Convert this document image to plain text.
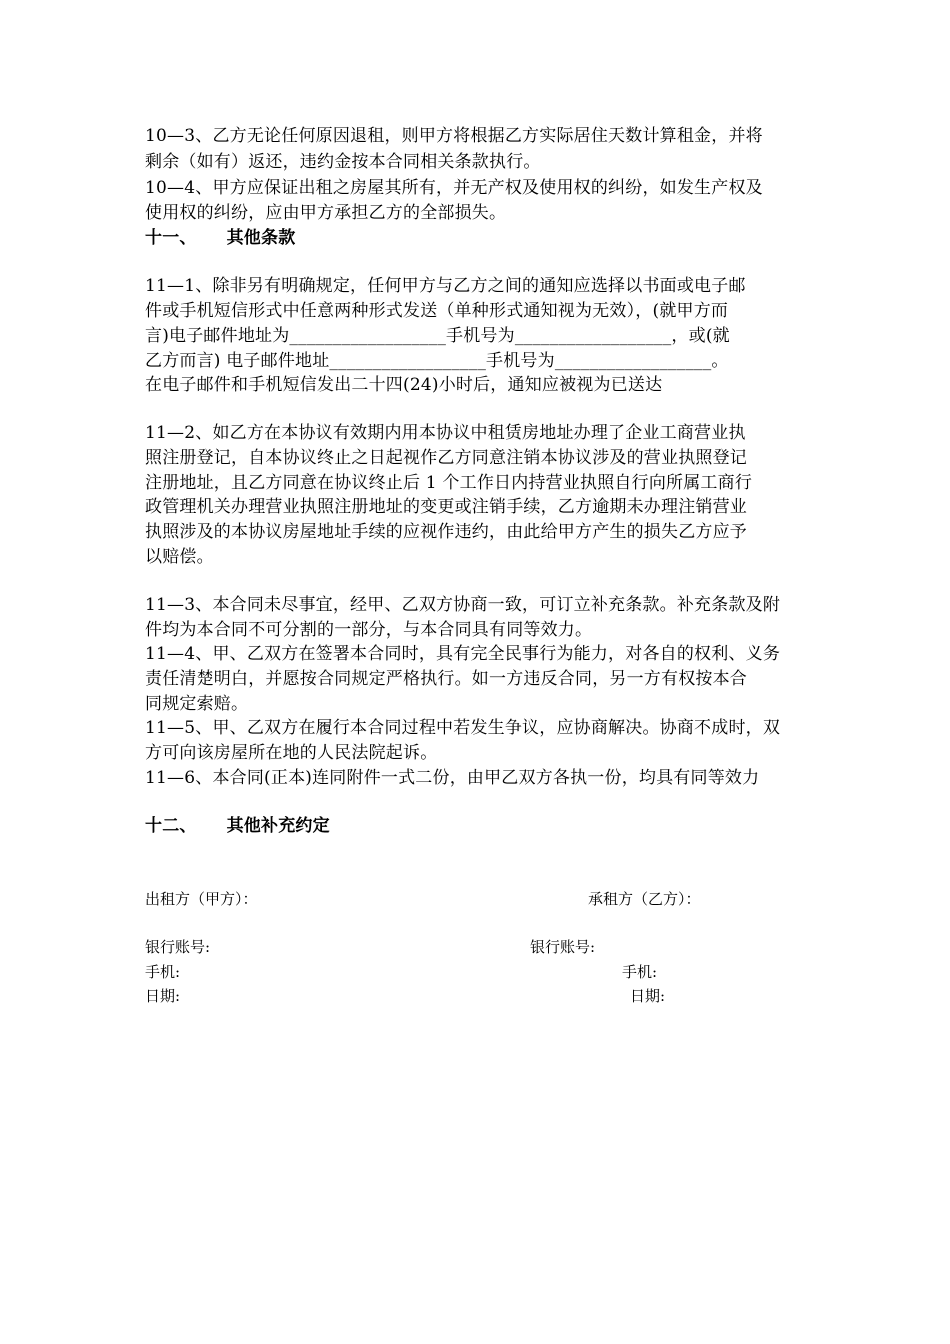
10—3、乙方无论任何原因退租，则甲方将根据乙方实际居住天数计算租金，并将
剩余（如有）返还，违约金按本合同相关条款执行。
10—4、甲方应保证出租之房屋其所有，并无产权及使用权的纠纷，如发生产权及
使用权的纠纷，应由甲方承担乙方的全部损失。
十一、 其他条款
11—1、除非另有明确规定，任何甲方与乙方之间的通知应选择以书面或电子邮
件或手机短信形式中任意两种形式发送（单种形式通知视为无效），(就甲方而
言)电子邮件地址为__________________手机号为__________________，或(就
乙方而言) 电子邮件地址__________________手机号为__________________。
在电子邮件和手机短信发出二十四(24)小时后，通知应被视为已送达
11—2、如乙方在本协议有效期内用本协议中租赁房地址办理了企业工商营业执
照注册登记，自本协议终止之日起视作乙方同意注销本协议涉及的营业执照登记
注册地址，且乙方同意在协议终止后 1 个工作日内持营业执照自行向所属工商行
政管理机关办理营业执照注册地址的变更或注销手续，乙方逾期未办理注销营业
执照涉及的本协议房屋地址手续的应视作违约，由此给甲方产生的损失乙方应予
以赔偿。
11—3、本合同未尽事宜，经甲、乙双方协商一致，可订立补充条款。补充条款及附
件均为本合同不可分割的一部分，与本合同具有同等效力。
11—4、甲、乙双方在签署本合同时，具有完全民事行为能力，对各自的权利、义务
责任清楚明白，并愿按合同规定严格执行。如一方违反合同，另一方有权按本合
同规定索赔。
11—5、甲、乙双方在履行本合同过程中若发生争议，应协商解决。协商不成时，双
方可向该房屋所在地的人民法院起诉。
11—6、本合同(正本)连同附件一式二份，由甲乙双方各执一份，均具有同等效力
十二、 其他补充约定
出租方（甲方）：	承租方（乙方）：
银行账号:	银行账号:
手机:	手机:
日期:	日期:
